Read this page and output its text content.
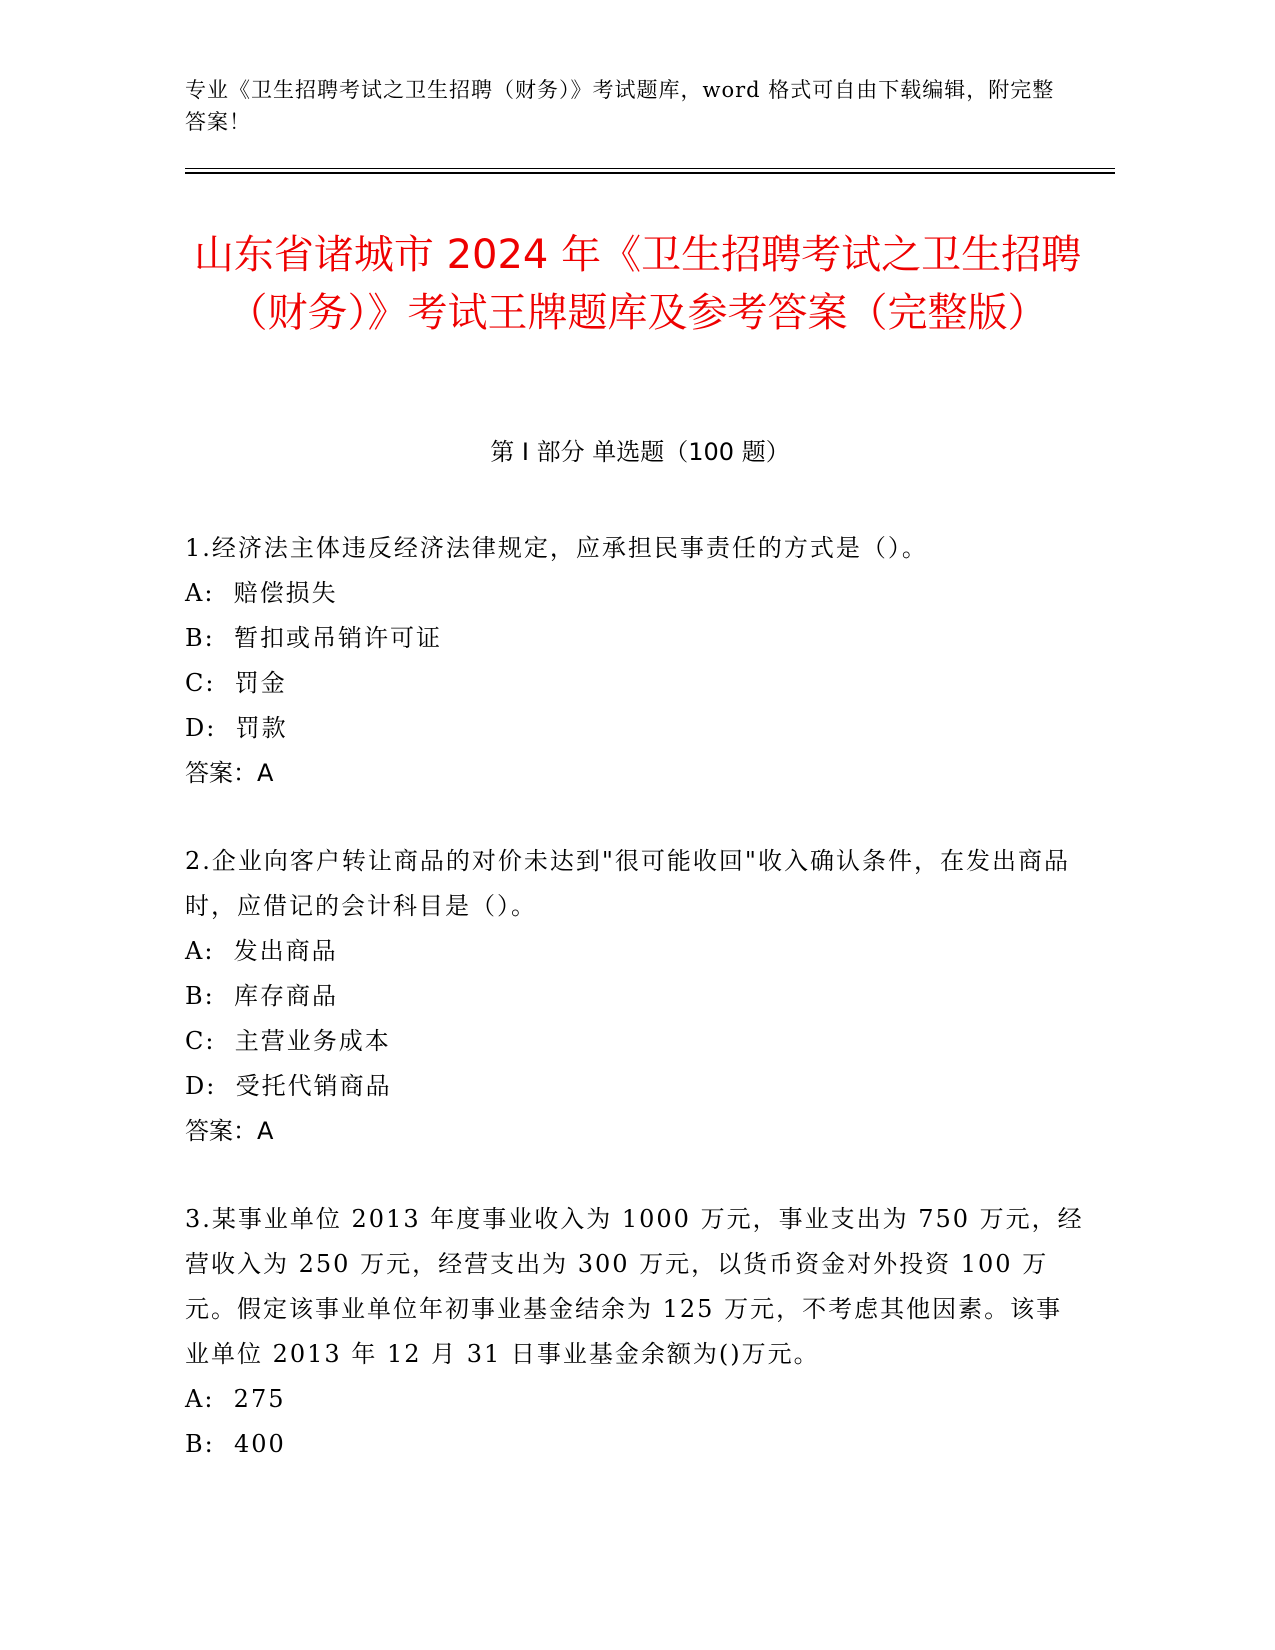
专业《卫生招聘考试之卫生招聘（财务）》考试题库，word 格式可自由下载编辑，附完整答案！
山东省诸城市 2024 年《卫生招聘考试之卫生招聘（财务）》考试王牌题库及参考答案（完整版）
第 I 部分 单选题（100 题）

1.经济法主体违反经济法律规定，应承担民事责任的方式是（）。

A:  赔偿损失

B:  暂扣或吊销许可证

C:  罚金

D:  罚款

答案：A

2.企业向客户转让商品的对价未达到"很可能收回"收入确认条件，在发出商品时，应借记的会计科目是（）。

A:  发出商品

B:  库存商品

C:  主营业务成本

D:  受托代销商品

答案：A

3.某事业单位 2013 年度事业收入为 1000 万元，事业支出为 750 万元，经营收入为 250 万元，经营支出为 300 万元，以货币资金对外投资 100 万元。假定该事业单位年初事业基金结余为 125 万元，不考虑其他因素。该事业单位 2013 年 12 月 31 日事业基金余额为()万元。

A:  275

B:  400
